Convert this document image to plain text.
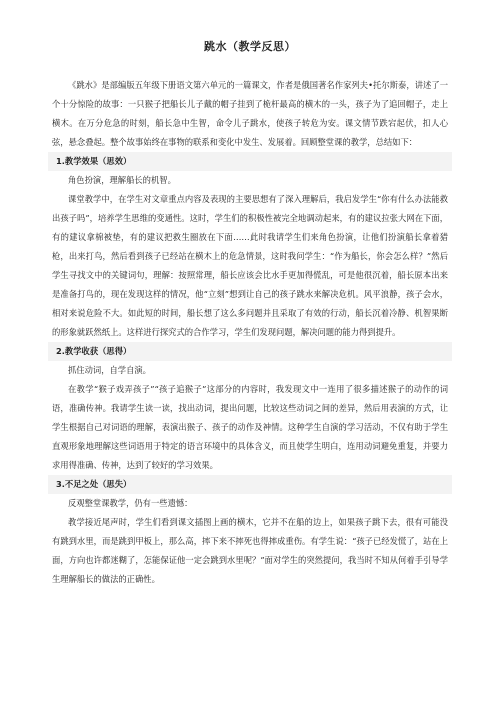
跳水（教学反思）

《跳水》是部编版五年级下册语文第六单元的一篇课文，作者是俄国著名作家列夫•托尔斯泰，讲述了一个十分惊险的故事：一只猴子把船长儿子戴的帽子挂到了桅杆最高的横木的一头，孩子为了追回帽子，走上横木。在万分危急的时刻，船长急中生智，命令儿子跳水，使孩子转危为安。课文情节跌宕起伏，扣人心弦，悬念叠起。整个故事始终在事物的联系和变化中发生、发展着。回顾整堂课的教学，总结如下：

1.教学效果（思效）

角色扮演，理解船长的机智。

课堂教学中，在学生对文章重点内容及表现的主要思想有了深入理解后，我启发学生“你有什么办法能救出孩子吗”，培养学生思维的变通性。这时，学生们的积极性被完全地调动起来，有的建议拉张大网在下面，有的建议拿棉被垫，有的建议把救生圈放在下面……此时我请学生们来角色扮演，让他们扮演船长拿着猎枪，出来打鸟，然后看到孩子已经站在横木上的危急情景，这时我问学生：“作为船长，你会怎么样？”然后学生寻找文中的关键词句，理解：按照常理，船长应该会比水手更加得慌乱，可是他很沉着，船长原本出来是准备打鸟的，现在发现这样的情况，他“立刻”想到让自己的孩子跳水来解决危机。风平浪静，孩子会水，相对来说危险不大。如此短的时间，船长想了这么多问题并且采取了有效的行动，船长沉着冷静、机智果断的形象就跃然纸上。这样进行探究式的合作学习，学生们发现问题，解决问题的能力得到提升。

2.教学收获（思得）

抓住动词，自学自演。

在教学“猴子戏弄孩子”“孩子追猴子”这部分的内容时，我发现文中一连用了很多描述猴子的动作的词语，准确传神。我请学生读一读，找出动词，提出问题，比较这些动词之间的差异，然后用表演的方式，让学生根据自己对词语的理解，表演出猴子、孩子的动作及神情。这种学生自演的学习活动，不仅有助于学生直观形象地理解这些词语用于特定的语言环境中的具体含义，而且使学生明白，连用动词避免重复，并要力求用得准确、传神，达到了较好的学习效果。

3.不足之处（思失）

反观整堂课教学，仍有一些遗憾：

教学接近尾声时，学生们看到课文插图上画的横木，它并不在船的边上，如果孩子跳下去，很有可能没有跳到水里，而是跳到甲板上，那么高，摔下来不摔死也得摔成重伤。有学生说：“孩子已经发慌了，站在上面，方向也许都迷糊了，怎能保证他一定会跳到水里呢？”面对学生的突然提问，我当时不知从何着手引导学生理解船长的做法的正确性。
